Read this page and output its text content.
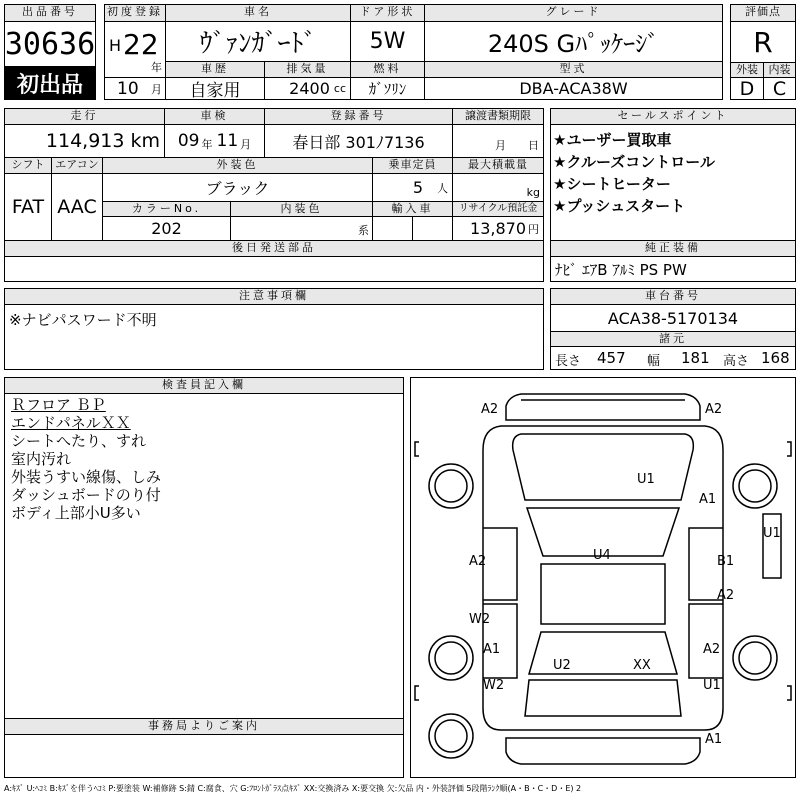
出品番号
30636
初出品
初度登録
H 22
年
10 月
車名
ｳﾞｧﾝｶﾞｰﾄﾞ
ドア形状
5W
グレード
240S Gﾊﾟｯｹｰｼﾞ
評価点
R
車歴
自家用
排気量
2400 cc
燃料
ｶﾞｿﾘﾝ
型式
DBA-ACA38W
外装 内装
D C
走行
114,913 km
車検
09 年 11 月
登録番号
春日部 301ﾉ7136
譲渡書類期限
月 日
シフト
FAT
エアコン
AAC
外装色
ブラック
乗車定員
5 人
最大積載量
kg
カラーNo.
202
内装色
系
輸入車	リサイクル預託金
13,870 円
後日発送部品
セールスポイント
★ユーザー買取車
★クルーズコントロール
★シートヒーター
★プッシュスタート
純正装備
ﾅﾋﾞ ｴｱB ｱﾙﾐ PS PW
注意事項欄
※ナビパスワード不明
車台番号
ACA38-5170134
諸元
長さ 457 幅 181 高さ 168
検査員記入欄
Ｒフロア ＢＰ
エンドパネルＸＸ
シートへたり、すれ
室内汚れ
外装うすい線傷、しみ
ダッシュボードのり付
ボディ上部小U多い
事務局よりご案内
A2	A2
U1
A1
U1
A2	U4	B1
A2
W2
A1
U2	XX
A2
W2	U1
A1
A:ｷｽﾞ U:ﾍｺﾐ B:ｷｽﾞを伴うﾍｺﾐ P:要塗装 W:補修跡 S:錆 C:腐食、穴 G:ﾌﾛﾝﾄｶﾞﾗｽ点ｷｽﾞ XX:交換済み X:要交換 欠:欠品 内・外装評価 5段階ﾗﾝｸ順(A・B・C・D・E) 2
